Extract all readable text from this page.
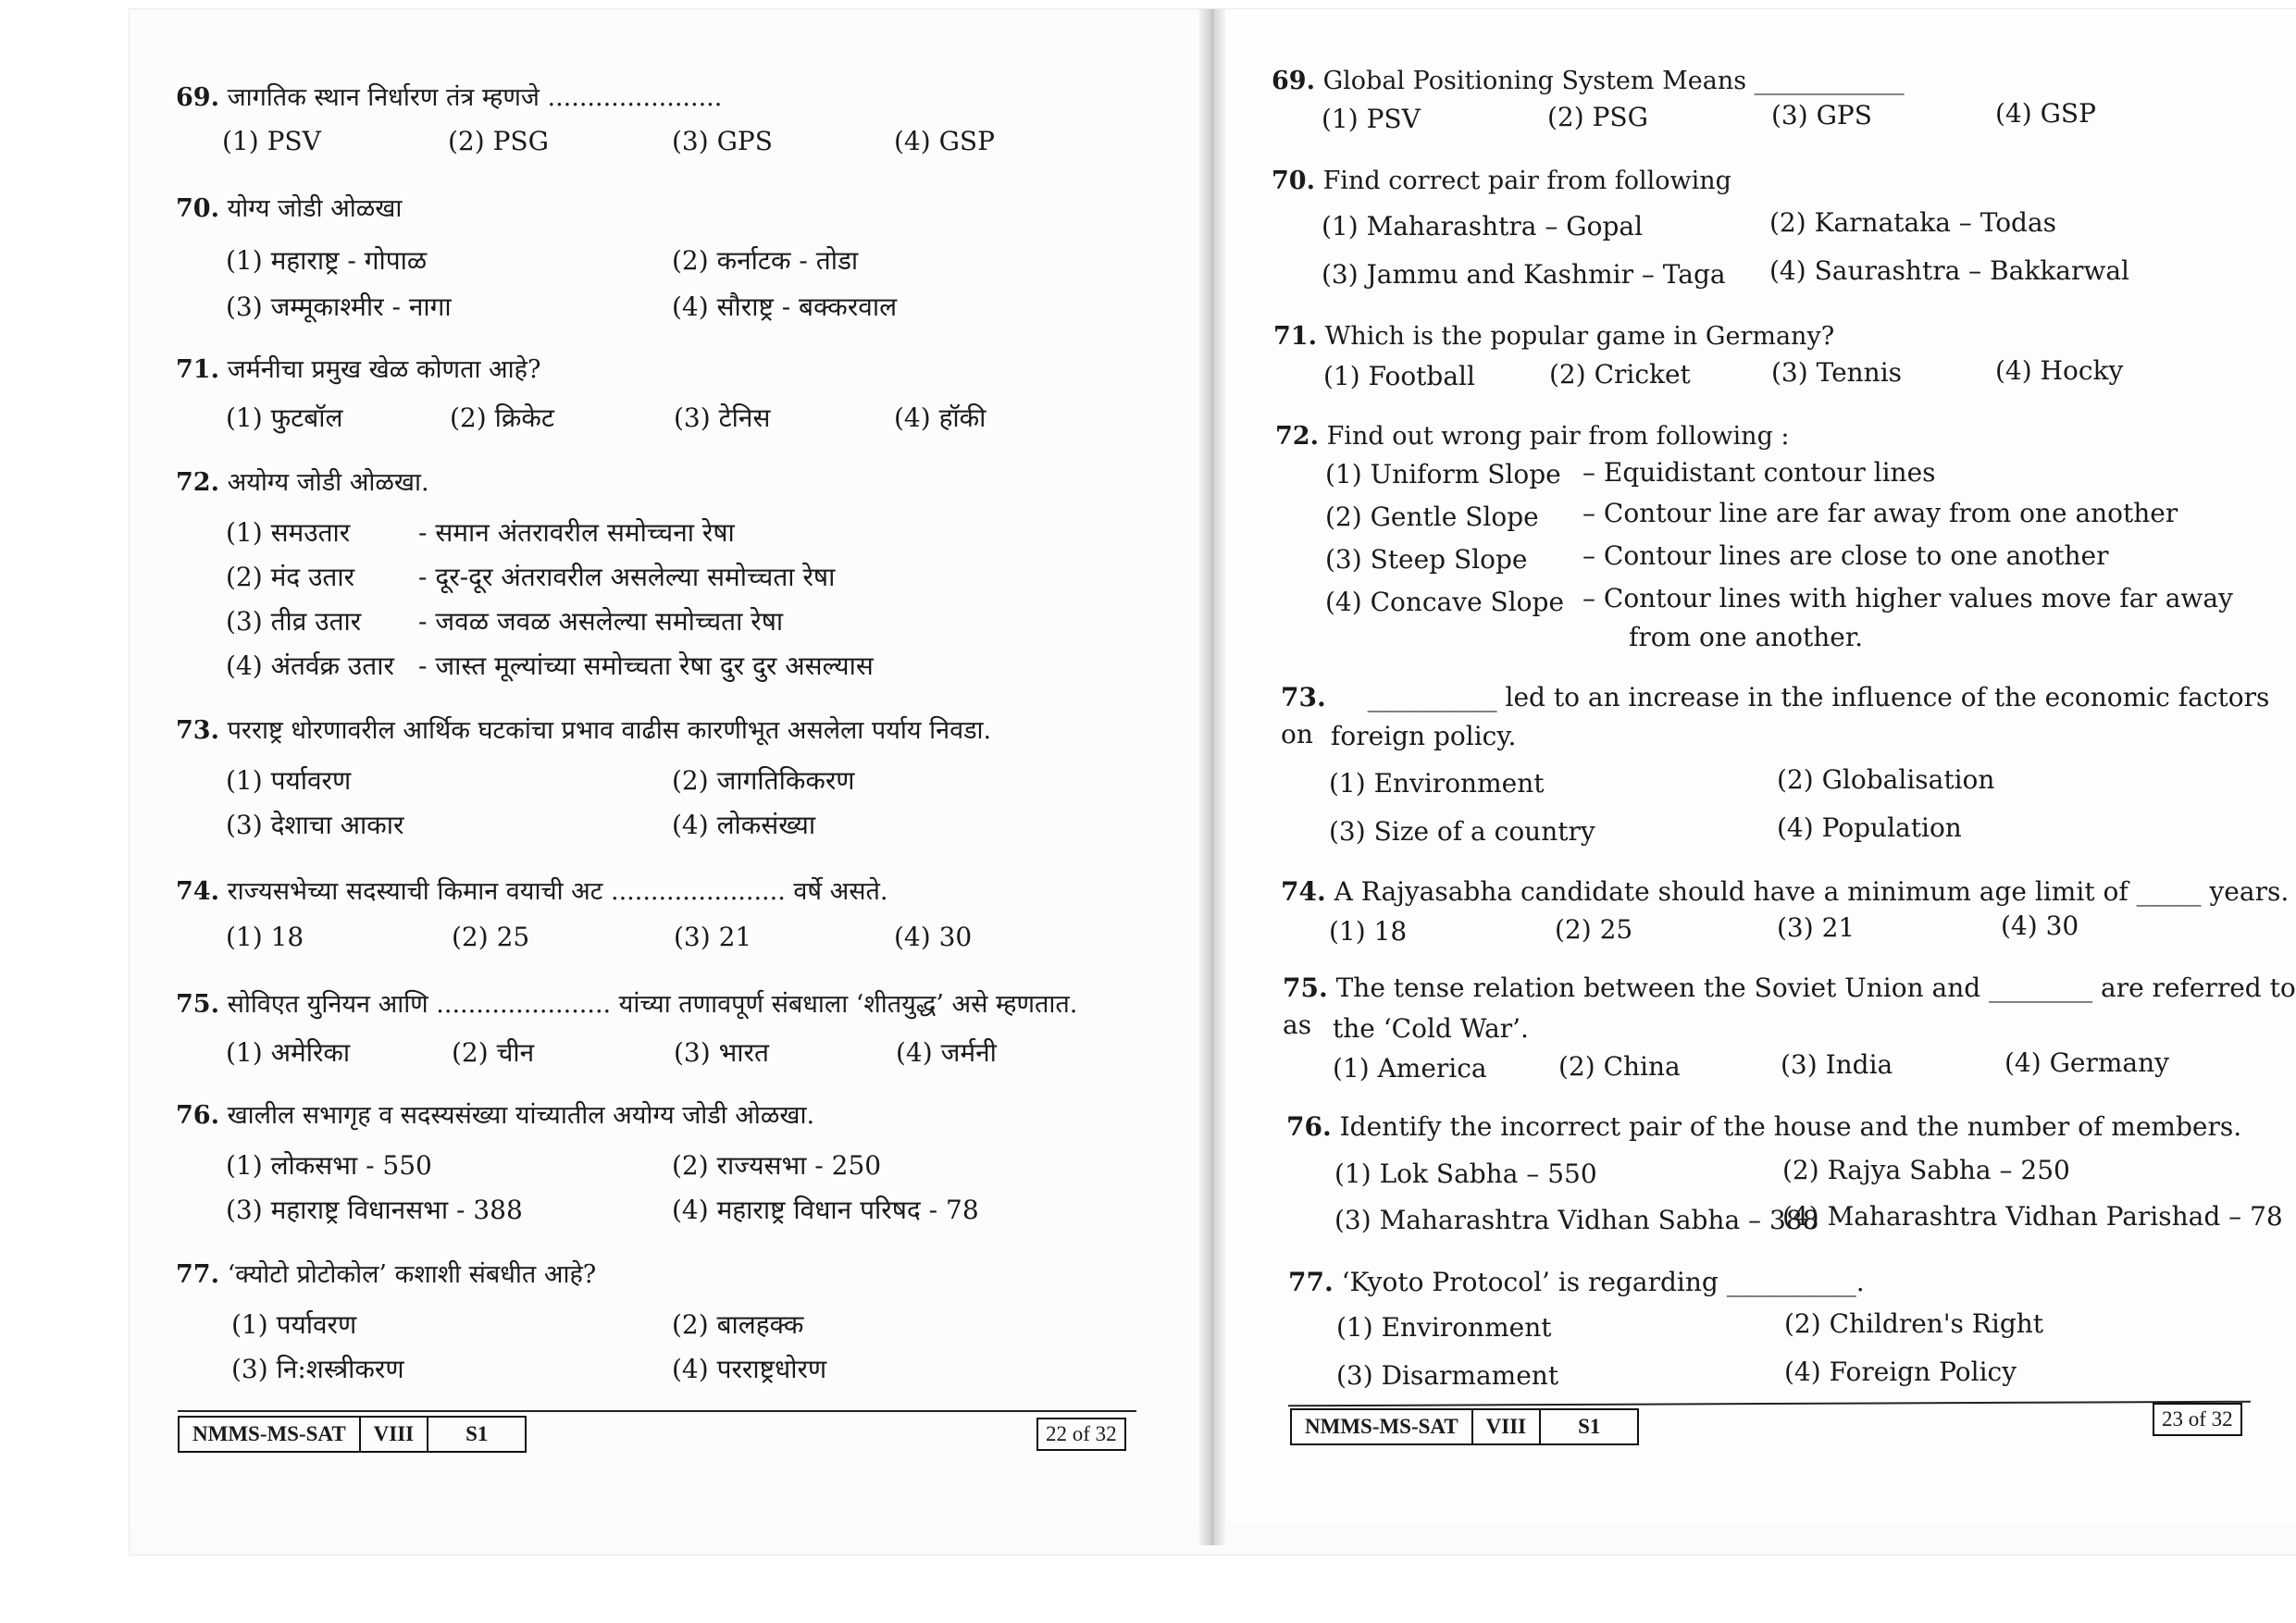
69. जागतिक स्थान निर्धारण तंत्र म्हणजे ......................
(1) PSV	(2) PSG	(3) GPS	(4) GSP
70. योग्य जोडी ओळखा
(1) महाराष्ट्र - गोपाळ	(2) कर्नाटक - तोडा
(3) जम्मूकाश्मीर - नागा	(4) सौराष्ट्र - बक्करवाल
71. जर्मनीचा प्रमुख खेळ कोणता आहे?
(1) फुटबॉल	(2) क्रिकेट	(3) टेनिस	(4) हॉकी
72. अयोग्य जोडी ओळखा.
(1) समउतार	- समान अंतरावरील समोच्चना रेषा
(2) मंद उतार - दूर-दूर अंतरावरील असलेल्या समोच्चता रेषा
(3) तीव्र उतार - जवळ जवळ असलेल्या समोच्चता रेषा
(4) अंतर्वक्र उतार - जास्त मूल्यांच्या समोच्चता रेषा दुर दुर असल्यास
73. परराष्ट्र धोरणावरील आर्थिक घटकांचा प्रभाव वाढीस कारणीभूत असलेला पर्याय निवडा.
(1) पर्यावरण	(2) जागतिकिकरण
(3) देशाचा आकार	(4) लोकसंख्या
74. राज्यसभेच्या सदस्याची किमान वयाची अट ...................... वर्षे असते.
(1) 18	(2) 25	(3) 21	(4) 30
75. सोविएत युनियन आणि ...................... यांच्या तणावपूर्ण संबधाला ‘शीतयुद्ध’ असे म्हणतात.
(1) अमेरिका	(2) चीन	(3) भारत	(4) जर्मनी
76. खालील सभागृह व सदस्यसंख्या यांच्यातील अयोग्य जोडी ओळखा.
(1) लोकसभा - 550	(2) राज्यसभा - 250
(3) महाराष्ट्र विधानसभा - 388	(4) महाराष्ट्र विधान परिषद - 78
77. ‘क्योटो प्रोटोकोल’ कशाशी संबधीत आहे?
(1) पर्यावरण	(2) बालहक्क
(3) नि:शस्त्रीकरण	(4) परराष्ट्रधोरण
NMMS-MS-SAT	VIII	S1	22 of 32
69. Global Positioning System Means ____________
(1) PSV	(2) PSG	(3) GPS	(4) GSP
70. Find correct pair from following
(1) Maharashtra – Gopal	(2) Karnataka – Todas
(3) Jammu and Kashmir – Taga (4) Saurashtra – Bakkarwal
71. Which is the popular game in Germany?
(1) Football	(2) Cricket	(3) Tennis	(4) Hocky
72. Find out wrong pair from following :
(1) Uniform Slope – Equidistant contour lines
(2) Gentle Slope – Contour line are far away from one another
(3) Steep Slope – Contour lines are close to one another
(4) Concave Slope – Contour lines with higher values move far away
from one another.
73. __________ led to an increase in the influence of the economic factors on foreign policy.
(1) Environment	(2) Globalisation
(3) Size of a country	(4) Population
74. A Rajyasabha candidate should have a minimum age limit of _____ years.
(1) 18	(2) 25	(3) 21	(4) 30
75. The tense relation between the Soviet Union and ________ are referred to as the ‘Cold War’.
(1) America	(2) China	(3) India	(4) Germany
76. Identify the incorrect pair of the house and the number of members.
(1) Lok Sabha – 550	(2) Rajya Sabha – 250
(3) Maharashtra Vidhan Sabha – 388
(4) Maharashtra Vidhan Parishad – 78
77. ‘Kyoto Protocol’ is regarding __________.
(1) Environment	(2) Children's Right
(3) Disarmament	(4) Foreign Policy
NMMS-MS-SAT	VIII	S1	23 of 32
